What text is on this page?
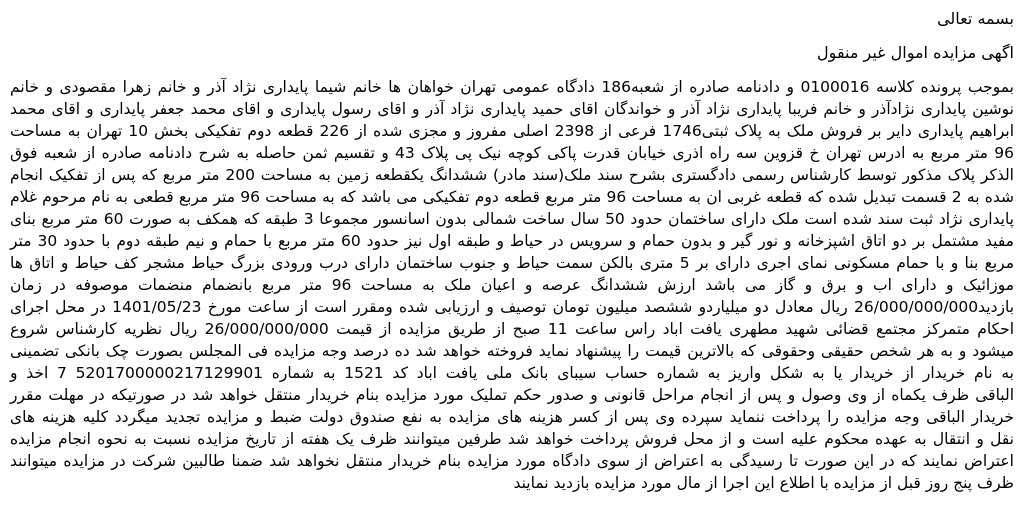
بسمه تعالی
اگهی مزایده اموال غیر منقول
بموجب پرونده کلاسه 0100016 و دادنامه صادره از شعبه186 دادگاه عمومی تهران خواهان ها خانم شیما پایداری نژاد آذر و خانم زهرا مقصودی و خانم
نوشین پایداری نژادآذر و خانم فریبا پایداری نژاد آذر و خواندگان اقای حمید پایداری نژاد آذر و اقای رسول پایداری و اقای محمد جعفر پایداری و اقای محمد
ابراهیم پایداری دایر بر فروش ملک به پلاک ثبتی1746 فرعی از 2398 اصلی مفروز و مجزی شده از 226 قطعه دوم تفکیکی بخش 10 تهران به مساحت
96 متر مربع به ادرس تهران خ قزوین سه راه اذری خیابان قدرت پاکی کوچه نیک پی پلاک 43 و تقسیم ثمن حاصله به شرح دادنامه صادره از شعبه فوق
الذکر پلاک مذکور توسط کارشناس رسمی دادگستری بشرح سند ملک(سند مادر) ششدانگ یکقطعه زمین به مساحت 200 متر مربع که پس از تفکیک انجام
شده به 2 قسمت تبدیل شده که قطعه غربی ان به مساحت 96 متر مربع قطعه دوم تفکیکی می باشد که به مساحت 96 متر مربع قطعی به نام مرحوم غلام
پایداری نژاد ثبت سند شده است ملک دارای ساختمان حدود 50 سال ساخت شمالی بدون اسانسور مجموعا 3 طبقه که همکف به صورت 60 متر مربع بنای
مفید مشتمل بر دو اتاق اشپزخانه و نور گیر و بدون حمام و سرویس در حیاط و طبقه اول نیز حدود 60 متر مربع با حمام و نیم طبقه دوم با حدود 30 متر
مربع بنا و با حمام مسکونی نمای اجری دارای بر 5 متری بالکن سمت حیاط و جنوب ساختمان دارای درب ورودی بزرگ حیاط مشجر کف حیاط و اتاق ها
موزائیک و دارای اب و برق و گاز می باشد ارزش ششدانگ عرصه و اعیان ملک به مساحت 96 متر مربع بانضمام منضمات موصوفه در زمان
بازدید26/000/000/000 ریال معادل دو میلیاردو ششصد میلیون تومان توصیف و ارزیابی شده ومقرر است از ساعت مورخ 1401/05/23 در محل اجرای
احکام متمرکز مجتمع قضائی شهید مطهری یافت اباد راس ساعت 11 صبح از طریق مزایده از قیمت 26/000/000/000 ریال نظریه کارشناس شروع
میشود و به هر شخص حقیقی وحقوقی که بالاترین قیمت را پیشنهاد نماید فروخته خواهد شد ده درصد وجه مزایده فی المجلس بصورت چک بانکی تضمینی
به نام خریدار از خریدار یا به شکل واریز به شماره حساب سیبای بانک ملی یافت اباد کد 1521 به شماره 5201700000217129901 7 اخذ و
الباقی ظرف یکماه از وی وصول و پس از انجام مراحل قانونی و صدور حکم تملیک مورد مزایده بنام خریدار منتقل خواهد شد در صورتیکه در مهلت مقرر
خریدار الباقی وجه مزایده را پرداخت ننماید سپرده وی پس از کسر هزینه های مزایده به نفع صندوق دولت ضبط و مزایده تجدید میگردد کلیه هزینه های
نقل و انتقال به عهده محکوم علیه است و از محل فروش پرداخت خواهد شد طرفین میتوانند ظرف یک هفته از تاریخ مزایده نسبت به نحوه انجام مزایده
اعتراض نمایند که در این صورت تا رسیدگی به اعتراض از سوی دادگاه مورد مزایده بنام خریدار منتقل نخواهد شد ضمنا طالبین شرکت در مزایده میتوانند
ظرف پنج روز قبل از مزایده با اطلاع این اجرا از مال مورد مزایده بازدید نمایند
